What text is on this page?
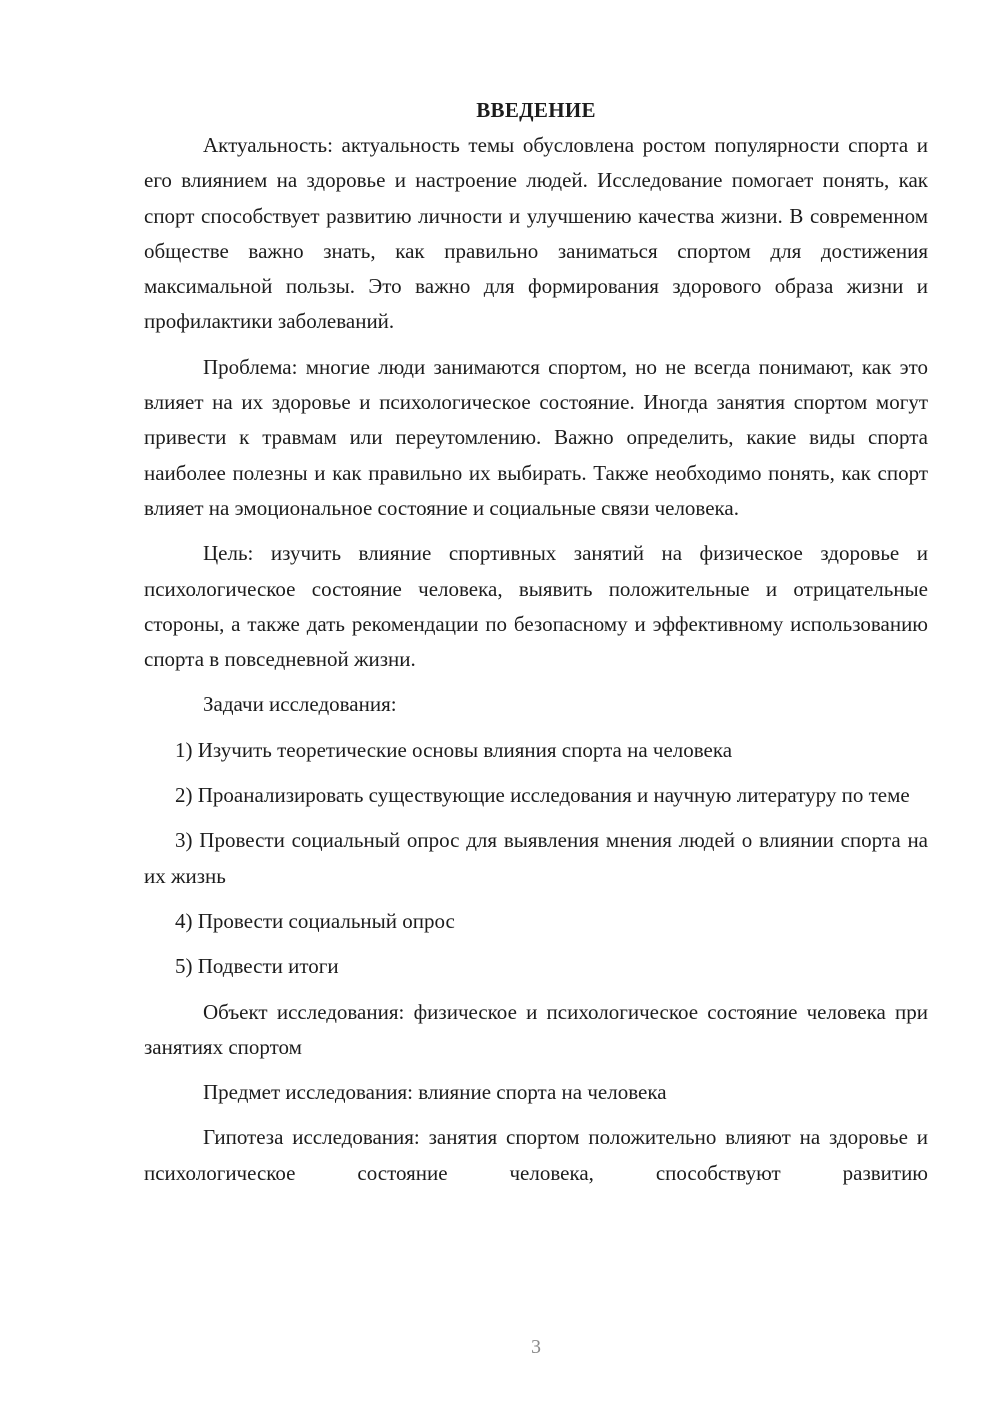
ВВЕДЕНИЕ

Актуальность: актуальность темы обусловлена ростом популярности спорта и его влиянием на здоровье и настроение людей. Исследование помогает понять, как спорт способствует развитию личности и улучшению качества жизни. В современном обществе важно знать, как правильно заниматься спортом для достижения максимальной пользы. Это важно для формирования здорового образа жизни и профилактики заболеваний.

Проблема: многие люди занимаются спортом, но не всегда понимают, как это влияет на их здоровье и психологическое состояние. Иногда занятия спортом могут привести к травмам или переутомлению. Важно определить, какие виды спорта наиболее полезны и как правильно их выбирать. Также необходимо понять, как спорт влияет на эмоциональное состояние и социальные связи человека.

Цель: изучить влияние спортивных занятий на физическое здоровье и психологическое состояние человека, выявить положительные и отрицательные стороны, а также дать рекомендации по безопасному и эффективному использованию спорта в повседневной жизни.

Задачи исследования:

1) Изучить теоретические основы влияния спорта на человека

2) Проанализировать существующие исследования и научную литературу по теме

3) Провести социальный опрос для выявления мнения людей о влиянии спорта на их жизнь

4) Провести социальный опрос

5) Подвести итоги

Объект исследования: физическое и психологическое состояние человека при занятиях спортом

Предмет исследования: влияние спорта на человека

Гипотеза исследования: занятия спортом положительно влияют на здоровье и психологическое состояние человека, способствуют развитию

3
